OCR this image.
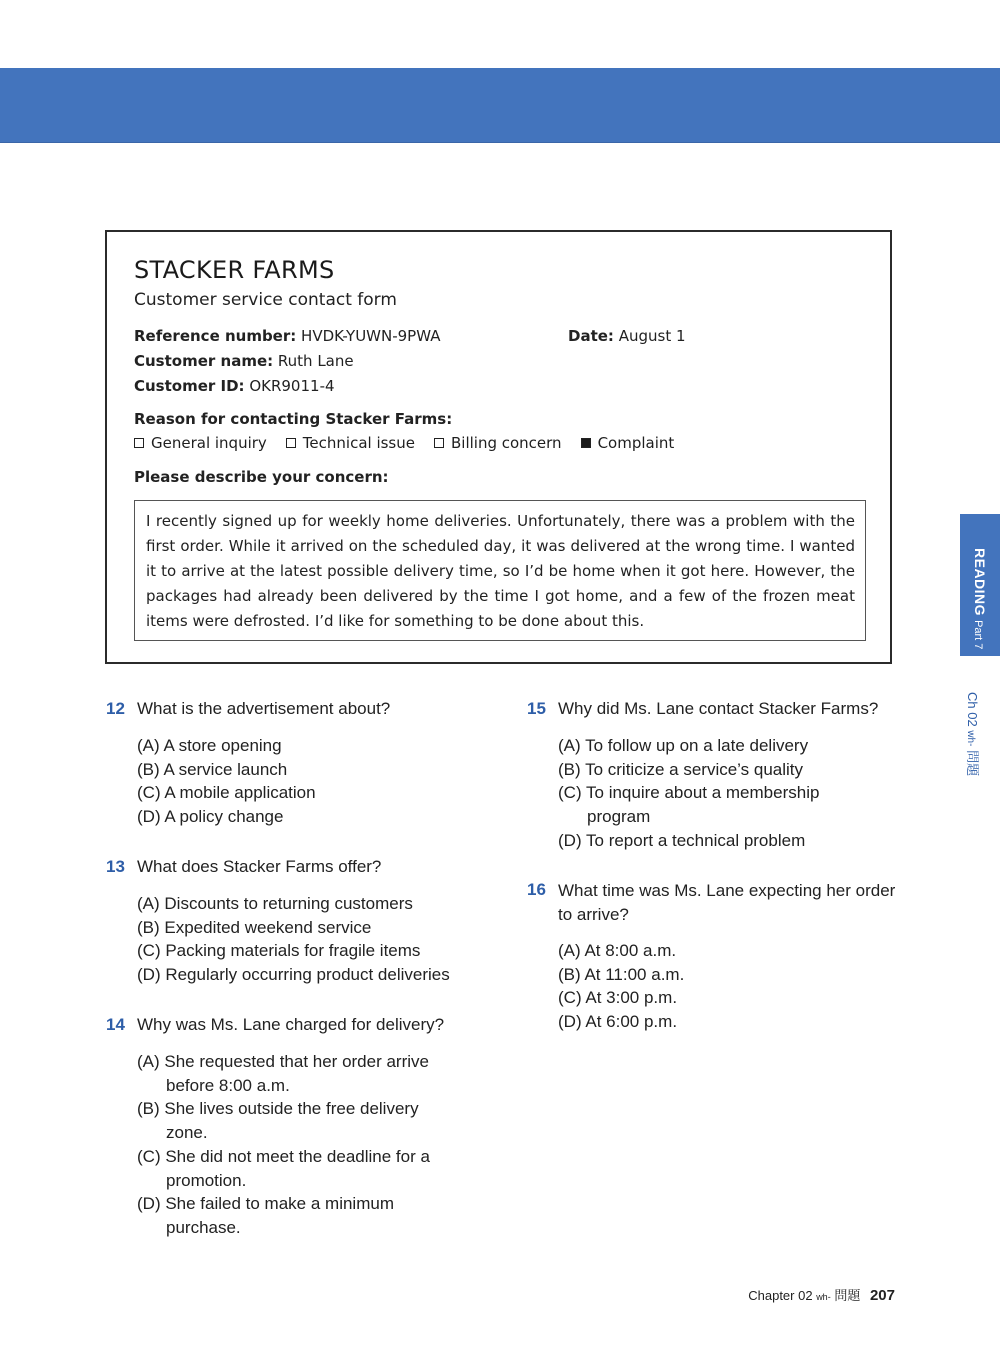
STACKER FARMS
Customer service contact form
Reference number: HVDK-YUWN-9PWA	Date: August 1
Customer name: Ruth Lane
Customer ID: OKR9011-4
Reason for contacting Stacker Farms:
General inquiry Technical issue Billing concern Complaint
Please describe your concern:
I recently signed up for weekly home deliveries. Unfortunately, there was a problem with the first order. While it arrived on the scheduled day, it was delivered at the wrong time. I wanted it to arrive at the latest possible delivery time, so I’d be home when it got here. However, the packages had already been delivered by the time I got home, and a few of the frozen meat items were defrosted. I’d like for something to be done about this.
12 What is the advertisement about?
(A) A store opening
(B) A service launch
(C) A mobile application
(D) A policy change
13 What does Stacker Farms offer?
(A) Discounts to returning customers
(B) Expedited weekend service
(C) Packing materials for fragile items
(D) Regularly occurring product deliveries
14 Why was Ms. Lane charged for delivery?
(A) She requested that her order arrive before 8:00 a.m.
(B) She lives outside the free delivery zone.
(C) She did not meet the deadline for a promotion.
(D) She failed to make a minimum purchase.
15 Why did Ms. Lane contact Stacker Farms?
(A) To follow up on a late delivery
(B) To criticize a service’s quality
(C) To inquire about a membership program
(D) To report a technical problem
16 What time was Ms. Lane expecting her order to arrive?
(A) At 8:00 a.m.
(B) At 11:00 a.m.
(C) At 3:00 p.m.
(D) At 6:00 p.m.
READINGPart 7
Ch 02 wh- 問題
Chapter 02 wh- 問題 207
